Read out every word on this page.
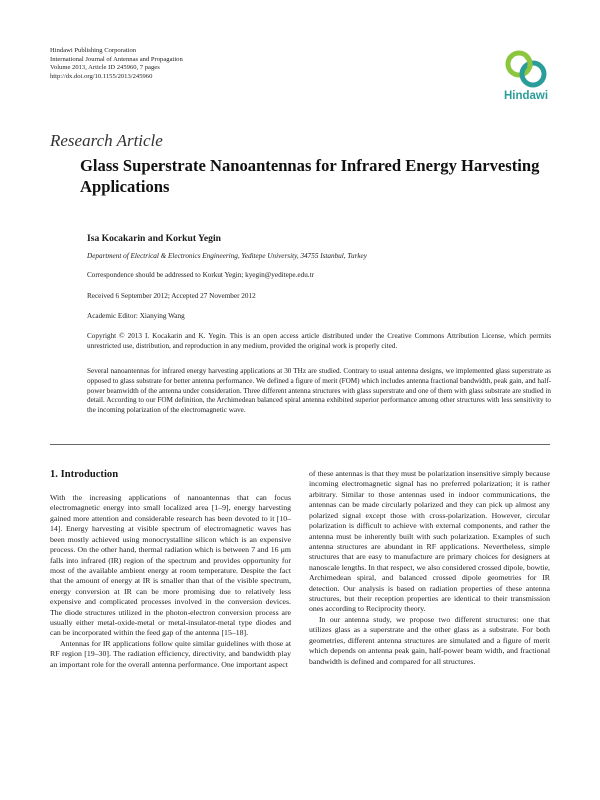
Hindawi Publishing Corporation
International Journal of Antennas and Propagation
Volume 2013, Article ID 245960, 7 pages
http://dx.doi.org/10.1155/2013/245960
Hindawi
Research Article
Glass Superstrate Nanoantennas for Infrared Energy Harvesting Applications
Isa Kocakarin and Korkut Yegin
Department of Electrical & Electronics Engineering, Yeditepe University, 34755 Istanbul, Turkey
Correspondence should be addressed to Korkut Yegin; kyegin@yeditepe.edu.tr
Received 6 September 2012; Accepted 27 November 2012
Academic Editor: Xianying Wang
Copyright © 2013 I. Kocakarin and K. Yegin. This is an open access article distributed under the Creative Commons Attribution License, which permits unrestricted use, distribution, and reproduction in any medium, provided the original work is properly cited.
Several nanoantennas for infrared energy harvesting applications at 30 THz are studied. Contrary to usual antenna designs, we implemented glass superstrate as opposed to glass substrate for better antenna performance. We defined a figure of merit (FOM) which includes antenna fractional bandwidth, peak gain, and half-power beamwidth of the antenna under consideration. Three different antenna structures with glass superstrate and one of them with glass substrate are studied in detail. According to our FOM definition, the Archimedean balanced spiral antenna exhibited superior performance among other structures with less sensitivity to the incoming polarization of the electromagnetic wave.
1. Introduction

With the increasing applications of nanoantennas that can focus electromagnetic energy into small localized area [1–9], energy harvesting gained more attention and considerable research has been devoted to it [10–14]. Energy harvesting at visible spectrum of electromagnetic waves has been mostly achieved using monocrystalline silicon which is an expensive process. On the other hand, thermal radiation which is between 7 and 16 μm falls into infrared (IR) region of the spectrum and provides opportunity for most of the available ambient energy at room temperature. Despite the fact that the amount of energy at IR is smaller than that of the visible spectrum, energy conversion at IR can be more promising due to relatively less expensive and complicated processes involved in the conversion devices. The diode structures utilized in the photon-electron conversion process are usually either metal-oxide-metal or metal-insulator-metal type diodes and can be incorporated within the feed gap of the antenna [15–18].

Antennas for IR applications follow quite similar guidelines with those at RF region [19–30]. The radiation efficiency, directivity, and bandwidth play an important role for the overall antenna performance. One important aspect

of these antennas is that they must be polarization insensitive simply because incoming electromagnetic signal has no preferred polarization; it is rather arbitrary. Similar to those antennas used in indoor communications, the antennas can be made circularly polarized and they can pick up almost any polarized signal except those with cross-polarization. However, circular polarization is difficult to achieve with external components, and rather the antenna must be inherently built with such polarization. Examples of such antenna structures are abundant in RF applications. Nevertheless, simple structures that are easy to manufacture are primary choices for designers at nanoscale lengths. In that respect, we also considered crossed dipole, bowtie, Archimedean spiral, and balanced crossed dipole geometries for IR detection. Our analysis is based on radiation properties of these antenna structures, but their reception properties are identical to their transmission ones according to Reciprocity theory.

In our antenna study, we propose two different structures: one that utilizes glass as a superstrate and the other glass as a substrate. For both geometries, different antenna structures are simulated and a figure of merit which depends on antenna peak gain, half-power beam width, and fractional bandwidth is defined and compared for all structures.
